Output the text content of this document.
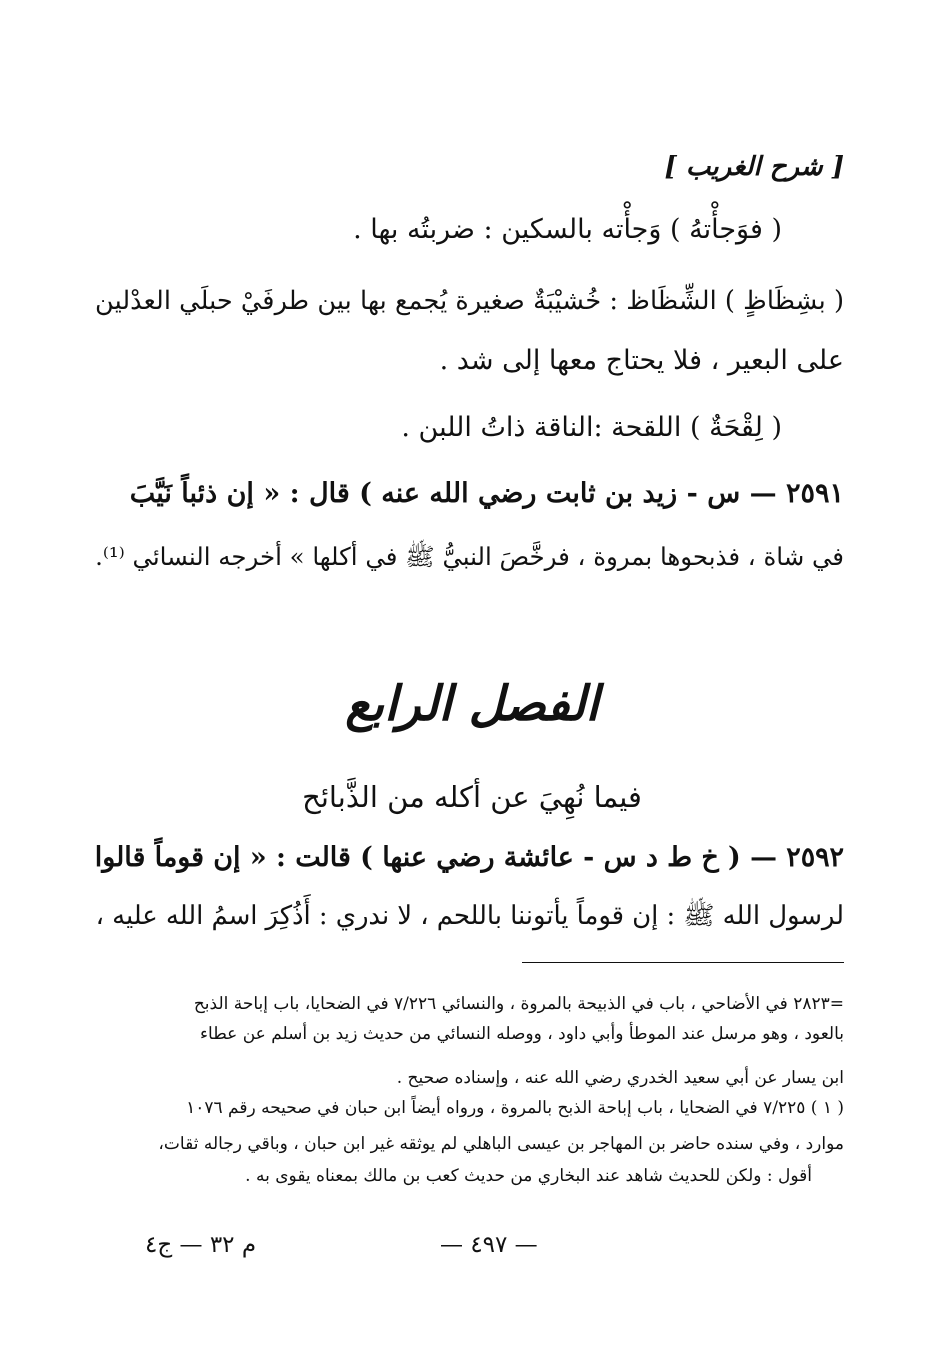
[ شرح الغريب ]
( فوَجأْتهُ ) وَجأْته بالسكين : ضربتُه بها .
( بشِظَاظٍ ) الشِّظَاظ : خُشيْبَةٌ صغيرة يُجمع بها بين طرفَيْ حبلَي العدْلين
على البعير ، فلا يحتاج معها إلى شد .
( لِقْحَةٌ ) اللقحة :الناقة ذاتُ اللبن .
٢٥٩١ — س - زيد بن ثابت رضي الله عنه ) قال : « إن ذئباً نَيَّبَ
في شاة ، فذبحوها بمروة ، فرخَّصَ النبيُّ ﷺ في أكلها » أخرجه النسائي ⁽¹⁾.
الفصل الرابع
فيما نُهِيَ عن أكله من الذَّبائح
٢٥٩٢ — ( خ ط د س - عائشة رضي عنها ) قالت : « إن قوماً قالوا
لرسول الله ﷺ : إن قوماً يأتوننا باللحم ، لا ندري : أَذُكِرَ اسمُ الله عليه ،
=٢٨٢٣ في الأضاحي ، باب في الذبيحة بالمروة ، والنسائي ٧/٢٢٦ في الضحايا، باب إباحة الذبح
بالعود ، وهو مرسل عند الموطأ وأبي داود ، ووصله النسائي من حديث زيد بن أسلم عن عطاء
ابن يسار عن أبي سعيد الخدري رضي الله عنه ، وإسناده صحيح .
( ١ ) ٧/٢٢٥ في الضحايا ، باب إباحة الذبح بالمروة ، ورواه أيضاً ابن حبان في صحيحه رقم ١٠٧٦
موارد ، وفي سنده حاضر بن المهاجر بن عيسى الباهلي لم يوثقه غير ابن حبان ، وباقي رجاله ثقات،
أقول : ولكن للحديث شاهد عند البخاري من حديث كعب بن مالك بمعناه يقوى به .
— ٤٩٧ —
م ٣٢ — ج٤
